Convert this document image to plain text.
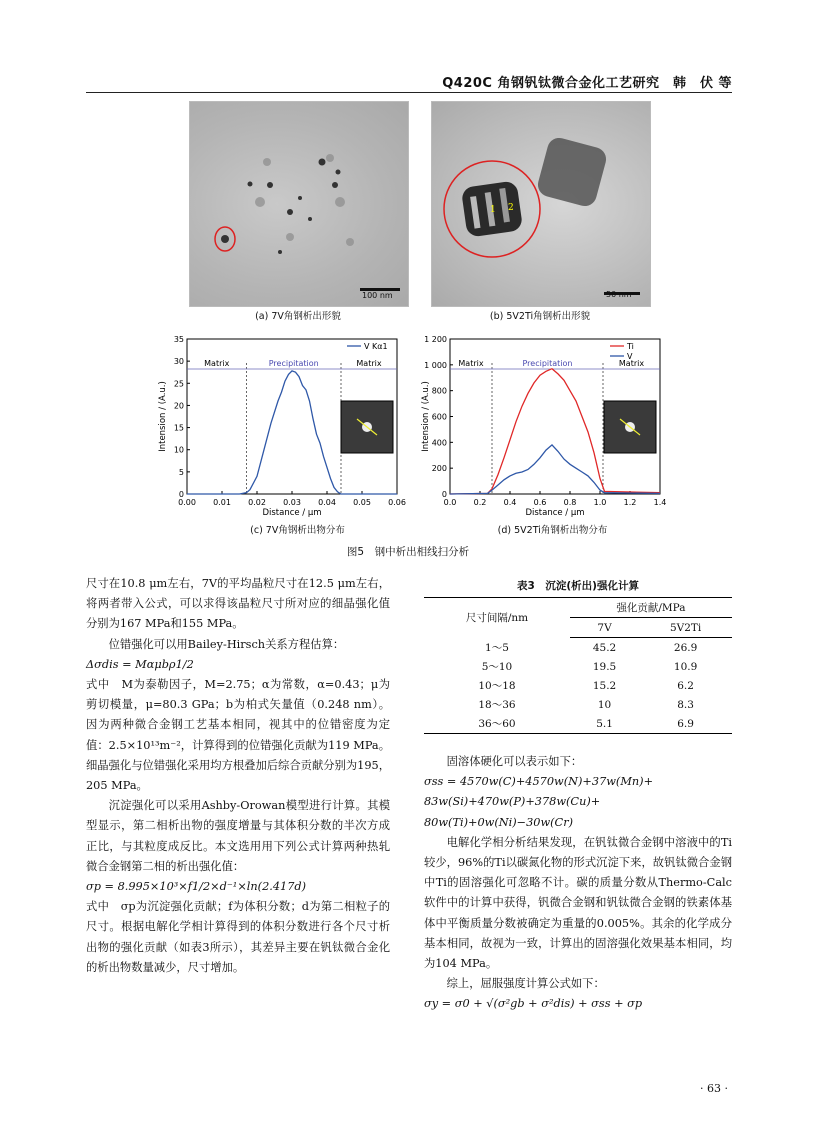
Q420C 角钢钒钛微合金化工艺研究　韩　伏 等
100 nm
(a) 7V角钢析出形貌
1 2
50 nm
(b) 5V2Ti角钢析出形貌
0.00 0.01 0.02 0.03 0.04 0.05 0.06
0
5
10
15
20
25
30
35
Distance / μm
Intension / (A.u.)
Matrix	Precipitation	Matrix
V Kα1
(c) 7V角钢析出物分布
0.0 0.2 0.4 0.6 0.8 1.0 1.2 1.4
0
200
400
600
800
1 000
1 200
Distance / μm
Intension / (A.u.)
Matrix	Precipitation	Matrix
Ti
V
(d) 5V2Ti角钢析出物分布
图5　钢中析出相线扫分析

尺寸在10.8 μm左右，7V的平均晶粒尺寸在12.5 μm左右，将两者带入公式，可以求得该晶粒尺寸所对应的细晶强化值分别为167 MPa和155 MPa。

位错强化可以用Bailey-Hirsch关系方程估算：

Δσdis = Mαμbρ1/2

式中　M为泰勒因子，M=2.75；α为常数，α=0.43；μ为剪切模量，μ=80.3 GPa；b为柏式矢量值（0.248 nm）。因为两种微合金钢工艺基本相同，视其中的位错密度为定值：2.5×10¹³m⁻²，计算得到的位错强化贡献为119 MPa。细晶强化与位错强化采用均方根叠加后综合贡献分别为195，205 MPa。

沉淀强化可以采用Ashby-Orowan模型进行计算。其模型显示，第二相析出物的强度增量与其体积分数的半次方成正比，与其粒度成反比。本文选用用下列公式计算两种热轧微合金钢第二相的析出强化值：

σp = 8.995×10³×f1/2×d⁻¹×ln(2.417d)

式中　σp为沉淀强化贡献；f为体积分数；d为第二相粒子的尺寸。根据电解化学相计算得到的体积分数进行各个尺寸析出物的强化贡献（如表3所示），其差异主要在钒钛微合金化的析出物数量减少，尺寸增加。

表3　沉淀(析出)强化计算
尺寸间隔/nm	强化贡献/MPa	
	7V	5V2Ti
1～5	45.2	26.9
5～10	19.5	10.9
10～18	15.2	6.2
18～36	10	8.3
36～60	5.1	6.9

固溶体硬化可以表示如下：

σss = 4570w(C)+4570w(N)+37w(Mn)+

83w(Si)+470w(P)+378w(Cu)+

80w(Ti)+0w(Ni)−30w(Cr)

电解化学相分析结果发现，在钒钛微合金钢中溶液中的Ti较少，96%的Ti以碳氮化物的形式沉淀下来，故钒钛微合金钢中Ti的固溶强化可忽略不计。碳的质量分数从Thermo-Calc软件中的计算中获得，钒微合金钢和钒钛微合金钢的铁素体基体中平衡质量分数被确定为重量的0.005%。其余的化学成分基本相同，故视为一致，计算出的固溶强化效果基本相同，均为104 MPa。

综上，屈服强度计算公式如下：

σy = σ0 + √(σ²gb + σ²dis) + σss + σp

· 63 ·
